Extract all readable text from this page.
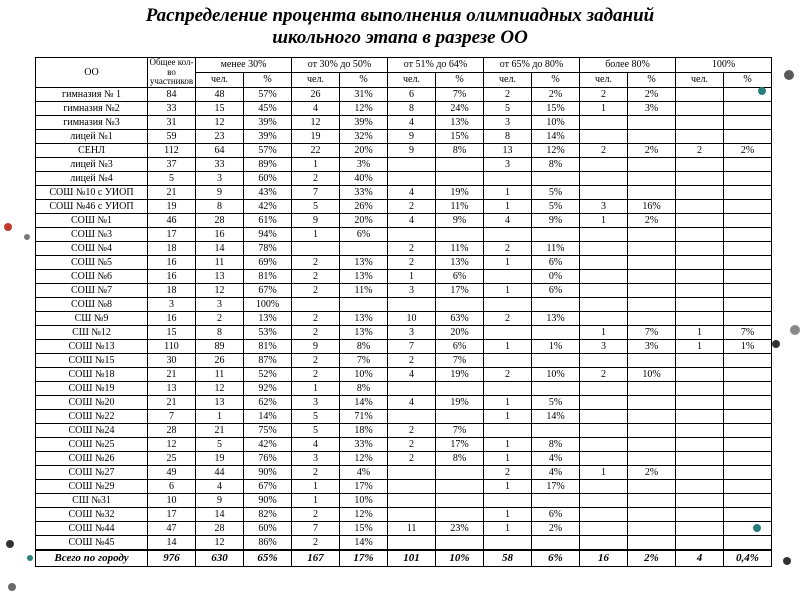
Распределение процента выполнения олимпиадных заданий
школьного этапа в разрезе ОО
ОО	Общее кол-во участников	менее 30%		от 30% до 50%		от 51% до 64%		от 65% до 80%		более 80%		100%	
		чел.	%	чел.	%	чел.	%	чел.	%	чел.	%	чел.	%
гимназия № 1	84	48	57%	26	31%	6	7%	2	2%	2	2%		
гимназия №2	33	15	45%	4	12%	8	24%	5	15%	1	3%		
гимназия №3	31	12	39%	12	39%	4	13%	3	10%				
лицей №1	59	23	39%	19	32%	9	15%	8	14%				
СЕНЛ	112	64	57%	22	20%	9	8%	13	12%	2	2%	2	2%
лицей №3	37	33	89%	1	3%			3	8%				
лицей №4	5	3	60%	2	40%								
СОШ №10 с УИОП	21	9	43%	7	33%	4	19%	1	5%				
СОШ №46 с УИОП	19	8	42%	5	26%	2	11%	1	5%	3	16%		
СОШ №1	46	28	61%	9	20%	4	9%	4	9%	1	2%		
СОШ №3	17	16	94%	1	6%								
СОШ №4	18	14	78%			2	11%	2	11%				
СОШ №5	16	11	69%	2	13%	2	13%	1	6%				
СОШ №6	16	13	81%	2	13%	1	6%		0%				
СОШ №7	18	12	67%	2	11%	3	17%	1	6%				
СОШ №8	3	3	100%										
СШ №9	16	2	13%	2	13%	10	63%	2	13%				
СШ №12	15	8	53%	2	13%	3	20%			1	7%	1	7%
СОШ №13	110	89	81%	9	8%	7	6%	1	1%	3	3%	1	1%
СОШ №15	30	26	87%	2	7%	2	7%						
СОШ №18	21	11	52%	2	10%	4	19%	2	10%	2	10%		
СОШ №19	13	12	92%	1	8%								
СОШ №20	21	13	62%	3	14%	4	19%	1	5%				
СОШ №22	7	1	14%	5	71%			1	14%				
СОШ №24	28	21	75%	5	18%	2	7%						
СОШ №25	12	5	42%	4	33%	2	17%	1	8%				
СОШ №26	25	19	76%	3	12%	2	8%	1	4%				
СОШ №27	49	44	90%	2	4%			2	4%	1	2%		
СОШ №29	6	4	67%	1	17%			1	17%				
СШ №31	10	9	90%	1	10%								
СОШ №32	17	14	82%	2	12%			1	6%				
СОШ №44	47	28	60%	7	15%	11	23%	1	2%				
СОШ №45	14	12	86%	2	14%								
Всего по городу	976	630	65%	167	17%	101	10%	58	6%	16	2%	4	0,4%
